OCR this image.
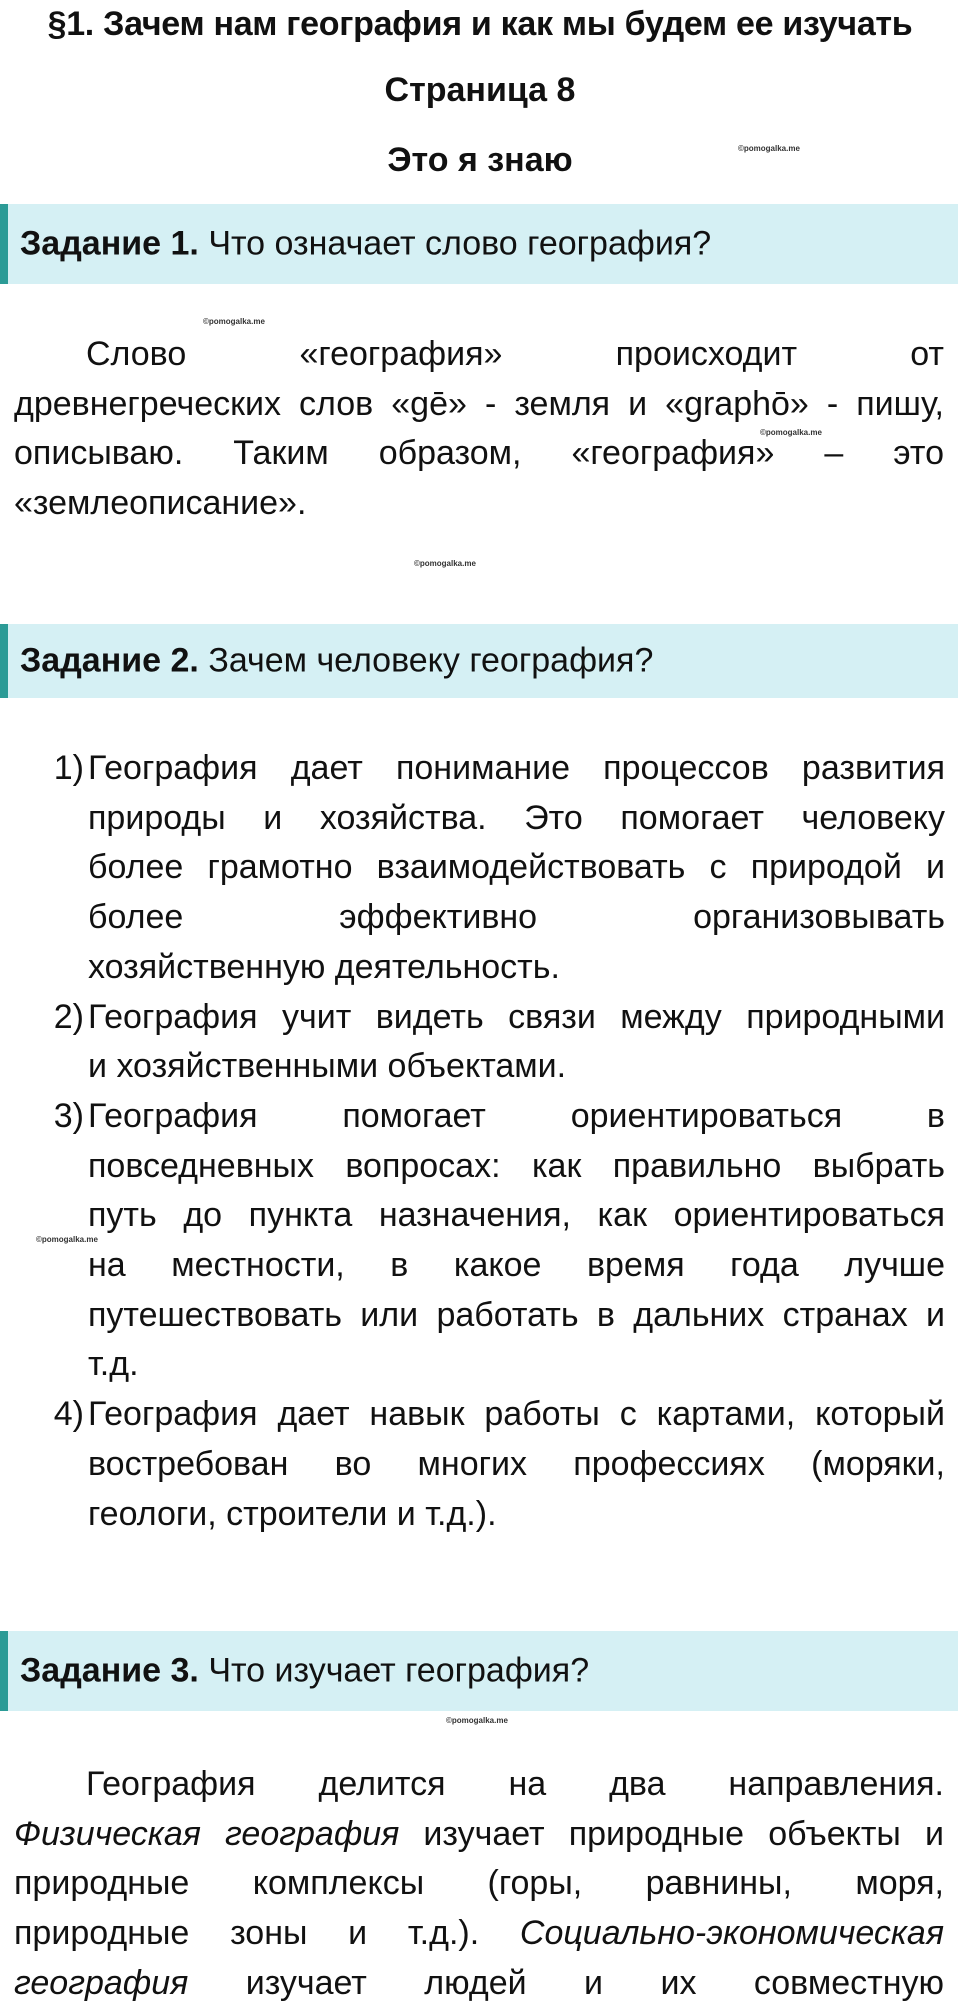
§1. Зачем нам география и как мы будем ее изучать
Страница 8
Это я знаю	©pomogalka.me
Задание 1. Что означает слово география?
©pomogalka.me
Слово «география» происходит от
древнегреческих слов «gē» - земля и «graphō» - пишу,
описываю. Таким образом, «география» – это
«землеописание».
©pomogalka.me
©pomogalka.me
Задание 2. Зачем человеку география?
1) География дает понимание процессов развития
природы и хозяйства. Это помогает человеку
более грамотно взаимодействовать с природой и
более эффективно организовывать
хозяйственную деятельность.
2) География учит видеть связи между природными
и хозяйственными объектами.
3) География помогает ориентироваться в
повседневных вопросах: как правильно выбрать
путь до пункта назначения, как ориентироваться
на местности, в какое время года лучше
путешествовать или работать в дальних странах и
т.д.
4) География дает навык работы с картами, который
востребован во многих профессиях (моряки,
геологи, строители и т.д.).
©pomogalka.me
Задание 3. Что изучает география?
©pomogalka.me
География делится на два направления.
Физическая география изучает природные объекты и
природные комплексы (горы, равнины, моря,
природные зоны и т.д.). Социально-экономическая
география изучает людей и их совместную
